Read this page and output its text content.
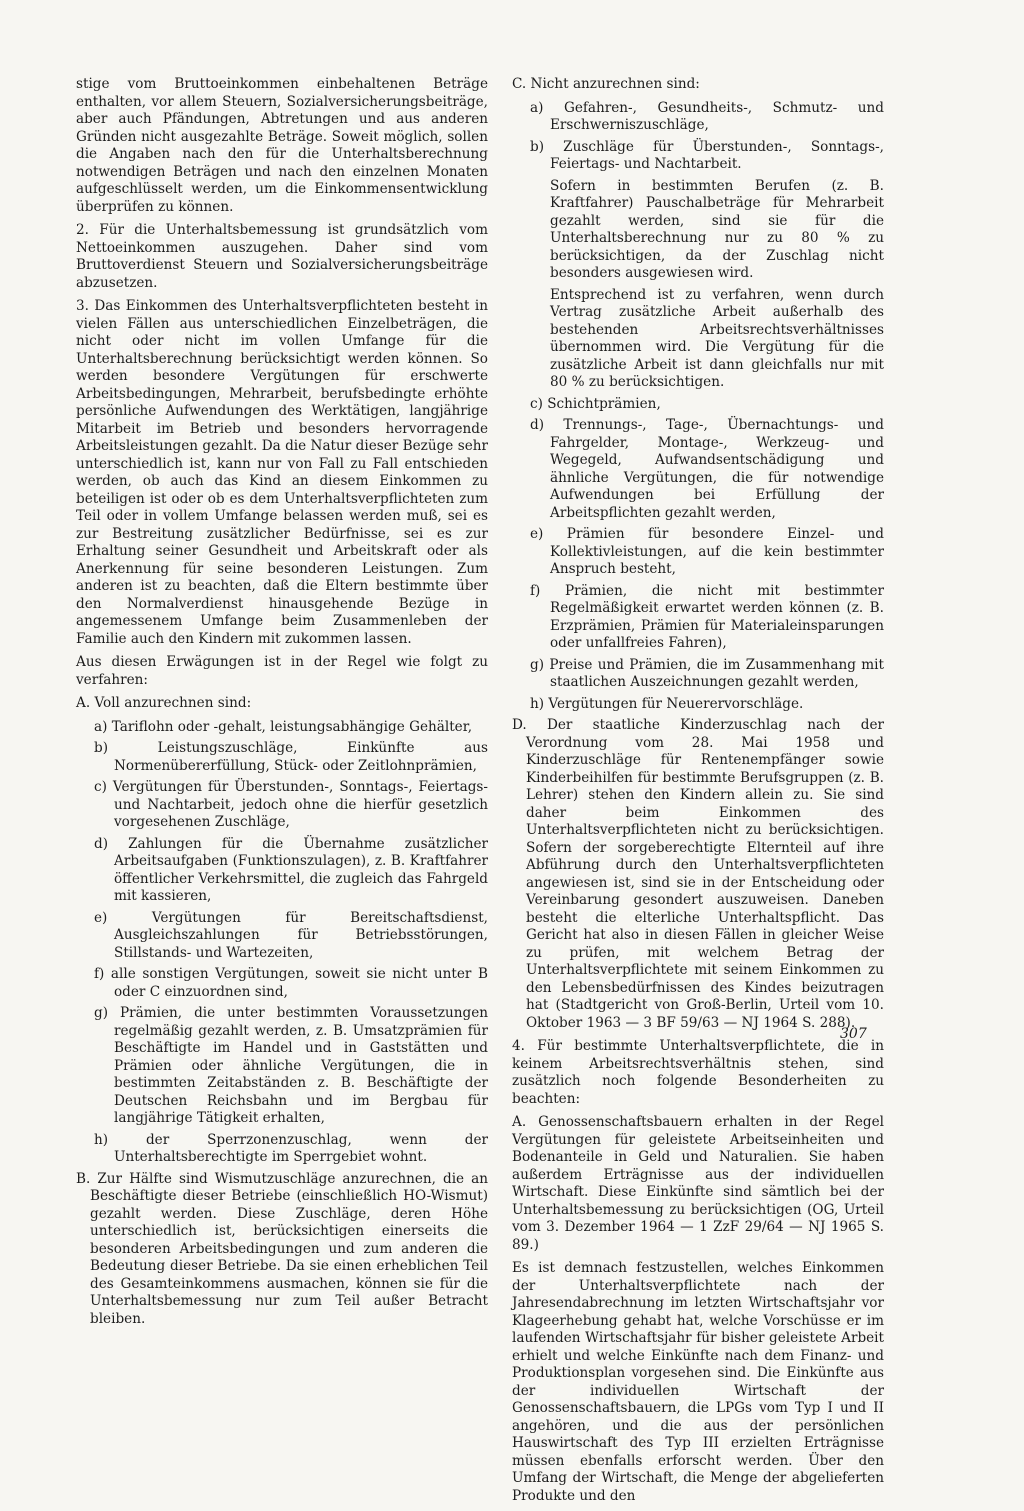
stige vom Bruttoeinkommen einbehaltenen Beträge enthalten, vor allem Steuern, Sozialversicherungsbeiträge, aber auch Pfändungen, Abtretungen und aus anderen Gründen nicht ausgezahlte Beträge. Soweit möglich, sollen die Angaben nach den für die Unterhaltsberechnung notwendigen Beträgen und nach den einzelnen Monaten aufgeschlüsselt werden, um die Einkommensentwicklung überprüfen zu können.

2. Für die Unterhaltsbemessung ist grundsätzlich vom Nettoeinkommen auszugehen. Daher sind vom Bruttoverdienst Steuern und Sozialversicherungsbeiträge abzusetzen.

3. Das Einkommen des Unterhaltsverpflichteten besteht in vielen Fällen aus unterschiedlichen Einzelbeträgen, die nicht oder nicht im vollen Umfange für die Unterhaltsberechnung berücksichtigt werden können. So werden besondere Vergütungen für erschwerte Arbeitsbedingungen, Mehrarbeit, berufsbedingte erhöhte persönliche Aufwendungen des Werktätigen, langjährige Mitarbeit im Betrieb und besonders hervorragende Arbeitsleistungen gezahlt. Da die Natur dieser Bezüge sehr unterschiedlich ist, kann nur von Fall zu Fall entschieden werden, ob auch das Kind an diesem Einkommen zu beteiligen ist oder ob es dem Unterhaltsverpflichteten zum Teil oder in vollem Umfange belassen werden muß, sei es zur Bestreitung zusätzlicher Bedürfnisse, sei es zur Erhaltung seiner Gesundheit und Arbeitskraft oder als Anerkennung für seine besonderen Leistungen. Zum anderen ist zu beachten, daß die Eltern bestimmte über den Normalverdienst hinausgehende Bezüge in angemessenem Umfange beim Zusammenleben der Familie auch den Kindern mit zukommen lassen.

Aus diesen Erwägungen ist in der Regel wie folgt zu verfahren:

A. Voll anzurechnen sind:

a) Tariflohn oder -gehalt, leistungsabhängige Gehälter,

b) Leistungszuschläge, Einkünfte aus Normenübererfüllung, Stück- oder Zeitlohnprämien,

c) Vergütungen für Überstunden-, Sonntags-, Feiertags- und Nachtarbeit, jedoch ohne die hierfür gesetzlich vorgesehenen Zuschläge,

d) Zahlungen für die Übernahme zusätzlicher Arbeitsaufgaben (Funktionszulagen), z. B. Kraftfahrer öffentlicher Verkehrsmittel, die zugleich das Fahrgeld mit kassieren,

e) Vergütungen für Bereitschaftsdienst, Ausgleichszahlungen für Betriebsstörungen, Stillstands- und Wartezeiten,

f) alle sonstigen Vergütungen, soweit sie nicht unter B oder C einzuordnen sind,

g) Prämien, die unter bestimmten Voraussetzungen regelmäßig gezahlt werden, z. B. Umsatzprämien für Beschäftigte im Handel und in Gaststätten und Prämien oder ähnliche Vergütungen, die in bestimmten Zeitabständen z. B. Beschäftigte der Deutschen Reichsbahn und im Bergbau für langjährige Tätigkeit erhalten,

h) der Sperrzonenzuschlag, wenn der Unterhaltsberechtigte im Sperrgebiet wohnt.

B. Zur Hälfte sind Wismutzuschläge anzurechnen, die an Beschäftigte dieser Betriebe (einschließlich HO-Wismut) gezahlt werden. Diese Zuschläge, deren Höhe unterschiedlich ist, berücksichtigen einerseits die besonderen Arbeitsbedingungen und zum anderen die Bedeutung dieser Betriebe. Da sie einen erheblichen Teil des Gesamteinkommens ausmachen, können sie für die Unterhaltsbemessung nur zum Teil außer Betracht bleiben.

C. Nicht anzurechnen sind:

a) Gefahren-, Gesundheits-, Schmutz- und Erschwerniszuschläge,

b) Zuschläge für Überstunden-, Sonntags-, Feiertags- und Nachtarbeit.

Sofern in bestimmten Berufen (z. B. Kraftfahrer) Pauschalbeträge für Mehrarbeit gezahlt werden, sind sie für die Unterhaltsberechnung nur zu 80 % zu berücksichtigen, da der Zuschlag nicht besonders ausgewiesen wird.

Entsprechend ist zu verfahren, wenn durch Vertrag zusätzliche Arbeit außerhalb des bestehenden Arbeitsrechtsverhältnisses übernommen wird. Die Vergütung für die zusätzliche Arbeit ist dann gleichfalls nur mit 80 % zu berücksichtigen.

c) Schichtprämien,

d) Trennungs-, Tage-, Übernachtungs- und Fahrgelder, Montage-, Werkzeug- und Wegegeld, Aufwandsentschädigung und ähnliche Vergütungen, die für notwendige Aufwendungen bei Erfüllung der Arbeitspflichten gezahlt werden,

e) Prämien für besondere Einzel- und Kollektivleistungen, auf die kein bestimmter Anspruch besteht,

f) Prämien, die nicht mit bestimmter Regelmäßigkeit erwartet werden können (z. B. Erzprämien, Prämien für Materialeinsparungen oder unfallfreies Fahren),

g) Preise und Prämien, die im Zusammenhang mit staatlichen Auszeichnungen gezahlt werden,

h) Vergütungen für Neuerervorschläge.

D. Der staatliche Kinderzuschlag nach der Verordnung vom 28. Mai 1958 und Kinderzuschläge für Rentenempfänger sowie Kinderbeihilfen für bestimmte Berufsgruppen (z. B. Lehrer) stehen den Kindern allein zu. Sie sind daher beim Einkommen des Unterhaltsverpflichteten nicht zu berücksichtigen. Sofern der sorgeberechtigte Elternteil auf ihre Abführung durch den Unterhaltsverpflichteten angewiesen ist, sind sie in der Entscheidung oder Vereinbarung gesondert auszuweisen. Daneben besteht die elterliche Unterhaltspflicht. Das Gericht hat also in diesen Fällen in gleicher Weise zu prüfen, mit welchem Betrag der Unterhaltsverpflichtete mit seinem Einkommen zu den Lebensbedürfnissen des Kindes beizutragen hat (Stadtgericht von Groß-Berlin, Urteil vom 10. Oktober 1963 — 3 BF 59/63 — NJ 1964 S. 288).

4. Für bestimmte Unterhaltsverpflichtete, die in keinem Arbeitsrechtsverhältnis stehen, sind zusätzlich noch folgende Besonderheiten zu beachten:

A. Genossenschaftsbauern erhalten in der Regel Vergütungen für geleistete Arbeitseinheiten und Bodenanteile in Geld und Naturalien. Sie haben außerdem Erträgnisse aus der individuellen Wirtschaft. Diese Einkünfte sind sämtlich bei der Unterhaltsbemessung zu berücksichtigen (OG, Urteil vom 3. Dezember 1964 — 1 ZzF 29/64 — NJ 1965 S. 89.)

Es ist demnach festzustellen, welches Einkommen der Unterhaltsverpflichtete nach der Jahresendabrechnung im letzten Wirtschaftsjahr vor Klageerhebung gehabt hat, welche Vorschüsse er im laufenden Wirtschaftsjahr für bisher geleistete Arbeit erhielt und welche Einkünfte nach dem Finanz- und Produktionsplan vorgesehen sind. Die Einkünfte aus der individuellen Wirtschaft der Genossenschaftsbauern, die LPGs vom Typ I und II angehören, und die aus der persönlichen Hauswirtschaft des Typ III erzielten Erträgnisse müssen ebenfalls erforscht werden. Über den Umfang der Wirtschaft, die Menge der abgelieferten Produkte und den

307
